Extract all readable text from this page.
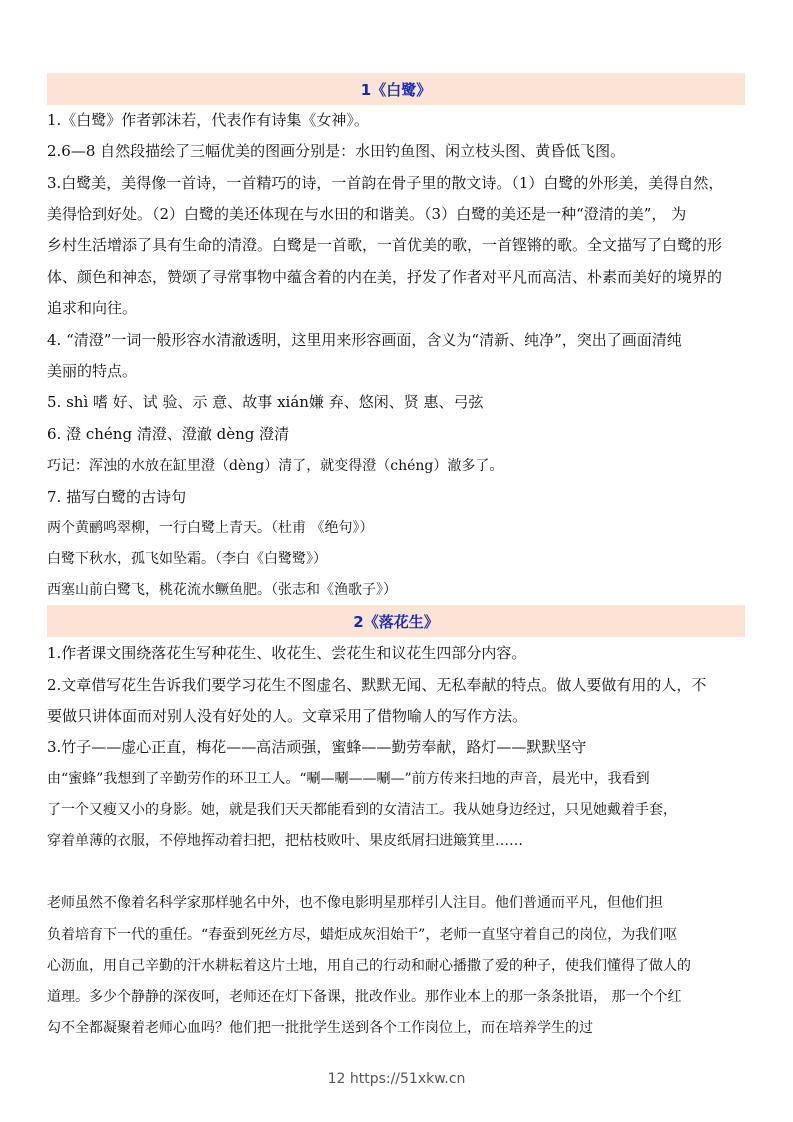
1《白鹭》
1.《白鹭》作者郭沫若，代表作有诗集《女神》。
2.6—8 自然段描绘了三幅优美的图画分别是：水田钓鱼图、闲立枝头图、黄昏低飞图。
3.白鹭美，美得像一首诗，一首精巧的诗，一首韵在骨子里的散文诗。（1）白鹭的外形美，美得自然，
美得恰到好处。（2）白鹭的美还体现在与水田的和谐美。（3）白鹭的美还是一种“澄清的美”， 为
乡村生活增添了具有生命的清澄。白鹭是一首歌，一首优美的歌，一首铿锵的歌。全文描写了白鹭的形
体、颜色和神态，赞颂了寻常事物中蕴含着的内在美，抒发了作者对平凡而高洁、朴素而美好的境界的
追求和向往。
4. “清澄”一词一般形容水清澈透明，这里用来形容画面，含义为“清新、纯净”，突出了画面清纯
美丽的特点。
5. shì 嗜 好、试 验、示 意、故事 xián嫌 弃、悠闲、贤 惠、弓弦
6. 澄 chéng 清澄、澄澈 dèng 澄清
巧记：浑浊的水放在缸里澄（dèng）清了，就变得澄（chéng）澈多了。
7. 描写白鹭的古诗句
两个黄鹂鸣翠柳，一行白鹭上青天。（杜甫 《绝句》）
白鹭下秋水，孤飞如坠霜。（李白《白鹭鹭》）
西塞山前白鹭飞，桃花流水鳜鱼肥。（张志和《渔歌子》）
2《落花生》
1.作者课文围绕落花生写种花生、收花生、尝花生和议花生四部分内容。
2.文章借写花生告诉我们要学习花生不图虚名、默默无闻、无私奉献的特点。做人要做有用的人，不
要做只讲体面而对别人没有好处的人。文章采用了借物喻人的写作方法。
3.竹子——虚心正直，梅花——高洁顽强，蜜蜂——勤劳奉献，路灯——默默坚守
由“蜜蜂”我想到了辛勤劳作的环卫工人。“唰—唰——唰—”前方传来扫地的声音，晨光中，我看到
了一个又瘦又小的身影。她，就是我们天天都能看到的女清洁工。我从她身边经过，只见她戴着手套，
穿着单薄的衣服，不停地挥动着扫把，把枯枝败叶、果皮纸屑扫进簸箕里……
老师虽然不像着名科学家那样驰名中外，也不像电影明星那样引人注目。他们普通而平凡，但他们担
负着培育下一代的重任。“春蚕到死丝方尽，蜡炬成灰泪始干”，老师一直坚守着自己的岗位，为我们呕
心沥血，用自己辛勤的汗水耕耘着这片土地，用自己的行动和耐心播撒了爱的种子，使我们懂得了做人的
道理。多少个静静的深夜呵，老师还在灯下备课，批改作业。那作业本上的那一条条批语， 那一个个红
勾不全都凝聚着老师心血吗？他们把一批批学生送到各个工作岗位上，而在培养学生的过
12 https://51xkw.cn
